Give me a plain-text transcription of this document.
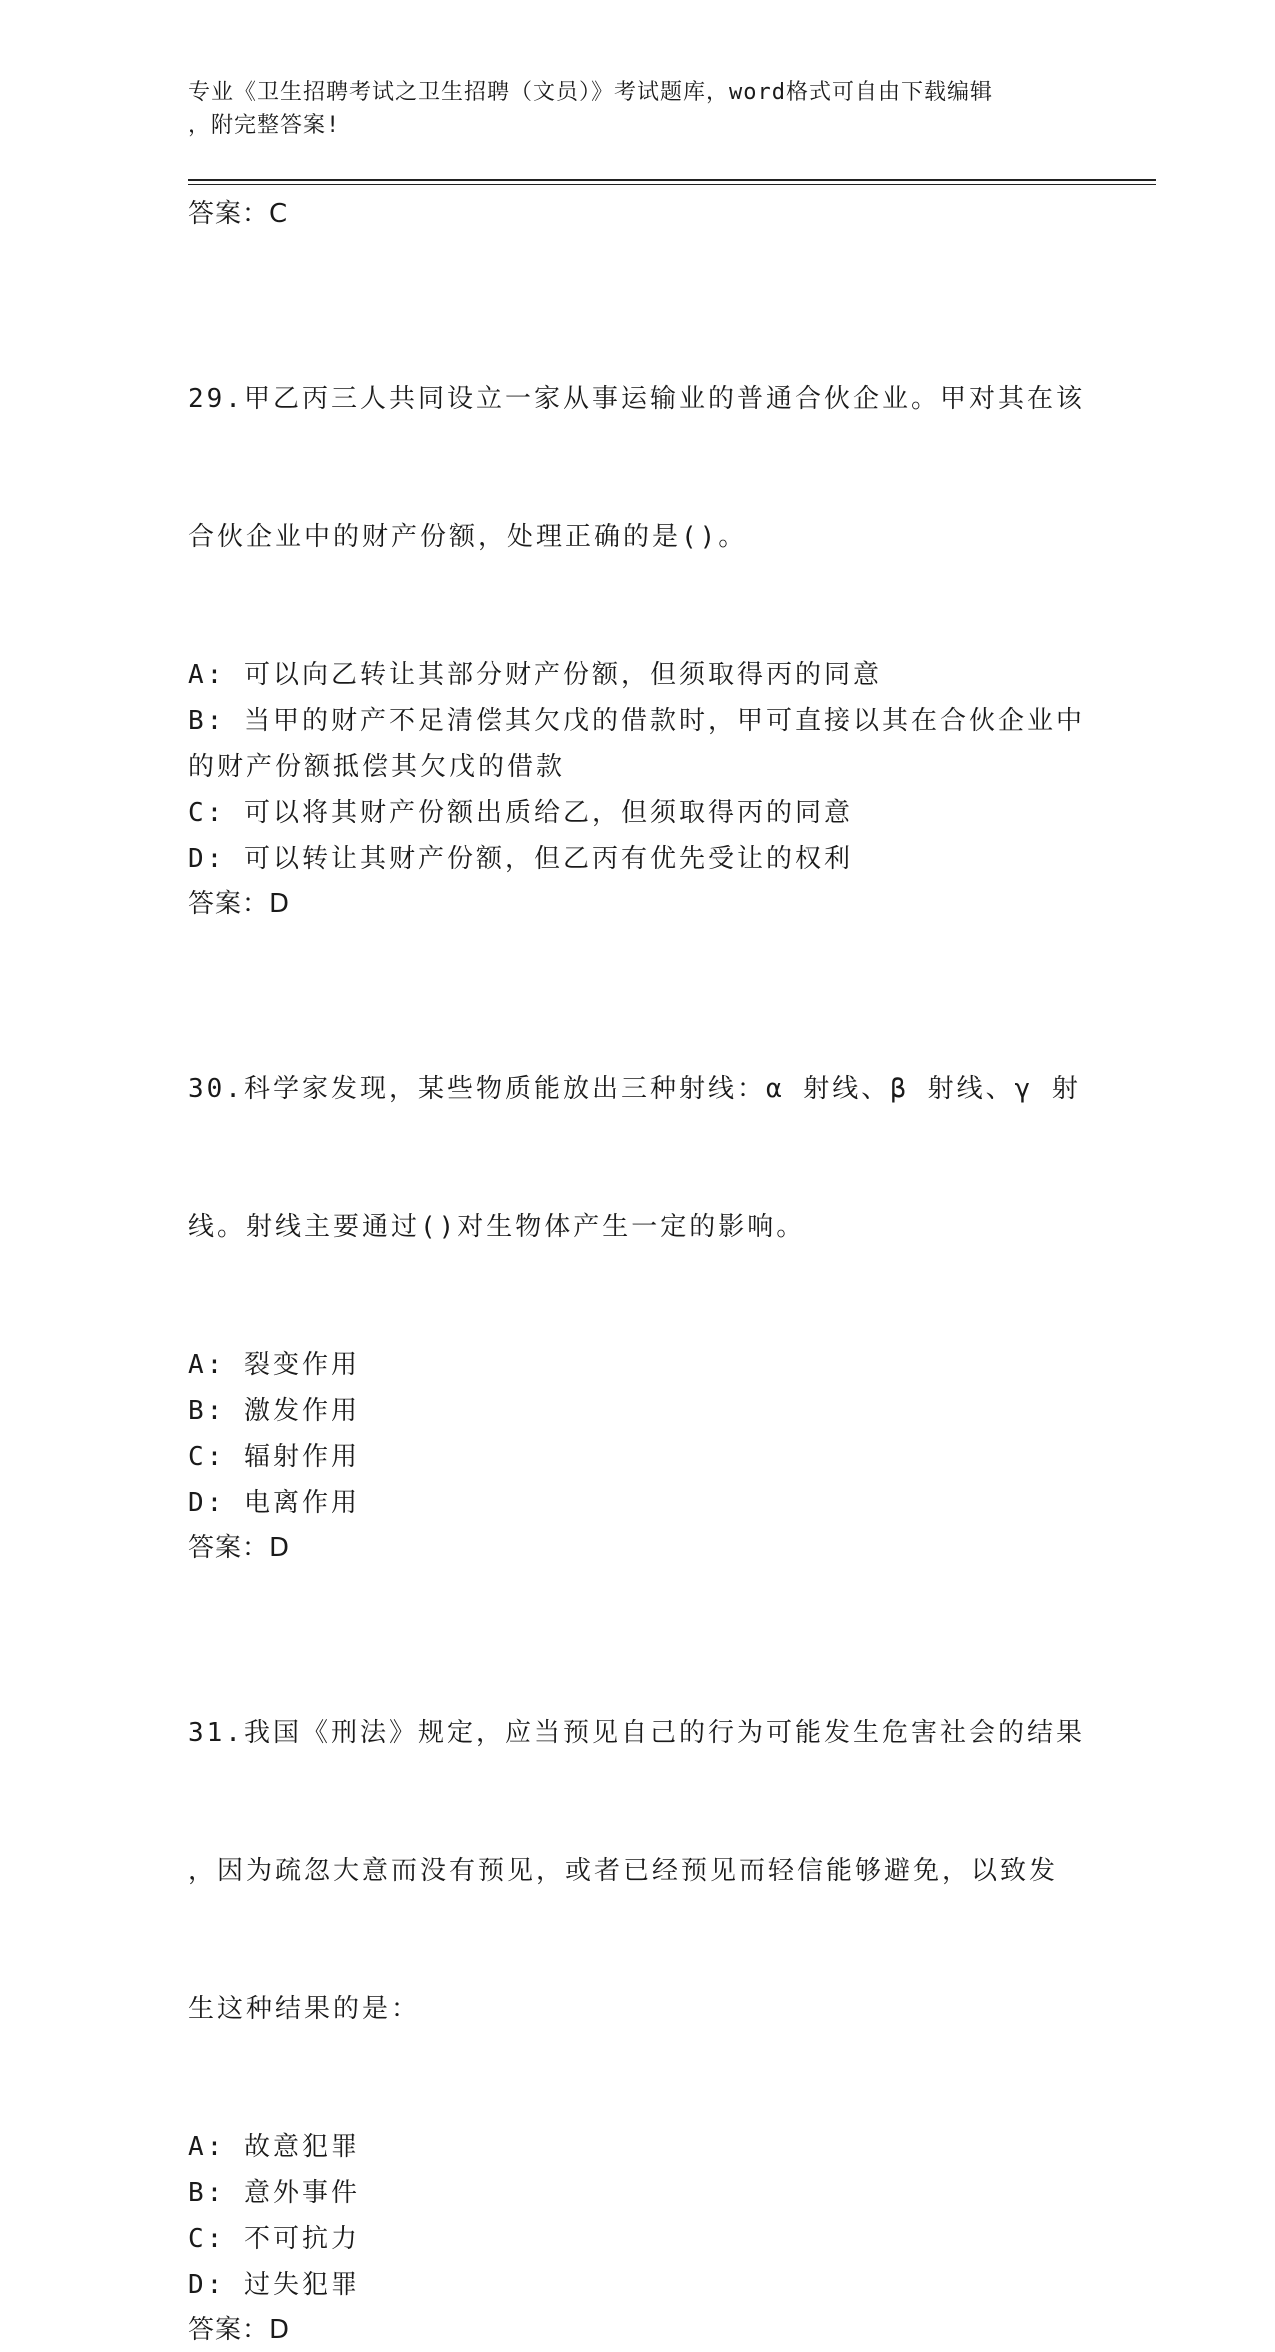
专业《卫生招聘考试之卫生招聘（文员）》考试题库，word格式可自由下载编辑
，附完整答案!
答案：C

29.甲乙丙三人共同设立一家从事运输业的普通合伙企业。甲对其在该

合伙企业中的财产份额，处理正确的是()。

A: 可以向乙转让其部分财产份额，但须取得丙的同意
B: 当甲的财产不足清偿其欠戊的借款时，甲可直接以其在合伙企业中
的财产份额抵偿其欠戊的借款
C: 可以将其财产份额出质给乙，但须取得丙的同意
D: 可以转让其财产份额，但乙丙有优先受让的权利
答案：D

30.科学家发现，某些物质能放出三种射线：α 射线、β 射线、γ 射

线。射线主要通过()对生物体产生一定的影响。

A: 裂变作用
B: 激发作用
C: 辐射作用
D: 电离作用
答案：D

31.我国《刑法》规定，应当预见自己的行为可能发生危害社会的结果

，因为疏忽大意而没有预见，或者已经预见而轻信能够避免，以致发

生这种结果的是：

A: 故意犯罪
B: 意外事件
C: 不可抗力
D: 过失犯罪
答案：D
